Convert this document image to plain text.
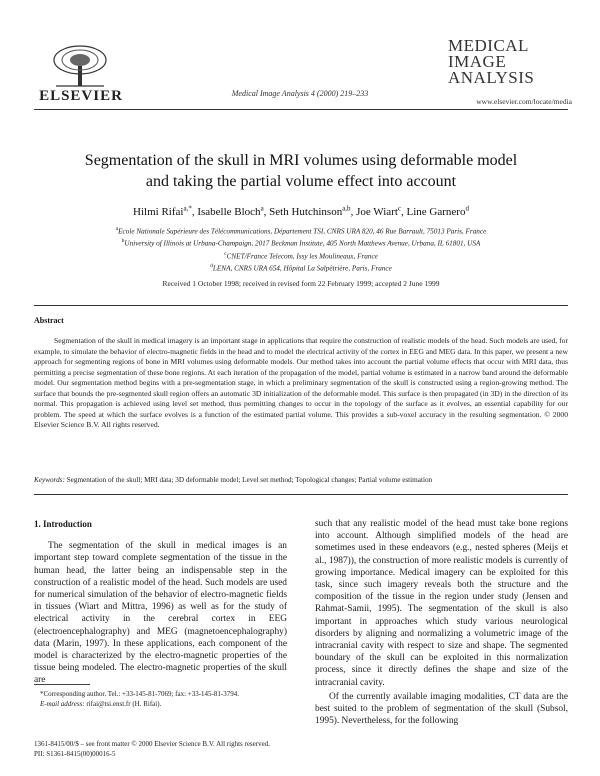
ELSEVIER	Medical Image Analysis 4 (2000) 219–233
MEDICAL
IMAGE
ANALYSIS
www.elsevier.com/locate/media
Segmentation of the skull in MRI volumes using deformable model
and taking the partial volume effect into account
Hilmi Rifai$^{a,*}$, Isabelle Bloch$^a$, Seth Hutchinson$^{a,b}$, Joe Wiart$^c$, Line Garnero$^d$
$^a$Ecole Nationale Supérieure des Télécommunications, Département TSI, CNRS URA 820, 46 Rue Barrault, 75013 Paris, France
$^b$University of Illinois at Urbana-Champaign, 2017 Beckman Institute, 405 North Matthews Avenue, Urbana, IL 61801, USA
$^c$CNET/France Telecom, Issy les Moulineaux, France
$^d$LENA, CNRS URA 654, Hôpital La Salpêtrière, Paris, France
Received 1 October 1998; received in revised form 22 February 1999; accepted 2 June 1999
Abstract
Segmentation of the skull in medical imagery is an important stage in applications that require the construction of realistic models of the head. Such models are used, for example, to simulate the behavior of electro-magnetic fields in the head and to model the electrical activity of the cortex in EEG and MEG data. In this paper, we present a new approach for segmenting regions of bone in MRI volumes using deformable models. Our method takes into account the partial volume effects that occur with MRI data, thus permitting a precise segmentation of these bone regions. At each iteration of the propagation of the model, partial volume is estimated in a narrow band around the deformable model. Our segmentation method begins with a pre-segmentation stage, in which a preliminary segmentation of the skull is constructed using a region-growing method. The surface that bounds the pre-segmented skull region offers an automatic 3D initialization of the deformable model. This surface is then propagated (in 3D) in the direction of its normal. This propagation is achieved using level set method, thus permitting changes to occur in the topology of the surface as it evolves, an essential capability for our problem. The speed at which the surface evolves is a function of the estimated partial volume. This provides a sub-voxel accuracy in the resulting segmentation. © 2000 Elsevier Science B.V. All rights reserved.
Keywords: Segmentation of the skull; MRI data; 3D deformable model; Level set method; Topological changes; Partial volume estimation
1. Introduction

The segmentation of the skull in medical images is an important step toward complete segmentation of the tissue in the human head, the latter being an indispensable step in the construction of a realistic model of the head. Such models are used for numerical simulation of the behavior of electro-magnetic fields in tissues (Wiart and Mittra, 1996) as well as for the study of electrical activity in the cerebral cortex in EEG (electroencephalography) and MEG (magnetoencephalography) data (Marin, 1997). In these applications, each component of the model is characterized by the electro-magnetic properties of the tissue being modeled. The electro-magnetic properties of the skull are

such that any realistic model of the head must take bone regions into account. Although simplified models of the head are sometimes used in these endeavors (e.g., nested spheres (Meijs et al., 1987)), the construction of more realistic models is currently of growing importance. Medical imagery can be exploited for this task, since such imagery reveals both the structure and the composition of the tissue in the region under study (Jensen and Rahmat-Samii, 1995). The segmentation of the skull is also important in approaches which study various neurological disorders by aligning and normalizing a volumetric image of the intracranial cavity with respect to size and shape. The segmented boundary of the skull can be exploited in this normalization process, since it directly defines the shape and size of the intracranial cavity.

Of the currently available imaging modalities, CT data are the best suited to the problem of segmentation of the skull (Subsol, 1995). Nevertheless, for the following

*Corresponding author. Tel.: +33-145-81-7069; fax: +33-145-81-3794.
E-mail address: rifai@tsi.enst.fr (H. Rifai).
1361-8415/00/$ – see front matter © 2000 Elsevier Science B.V. All rights reserved.
PII: S1361-8415(00)00016-5
